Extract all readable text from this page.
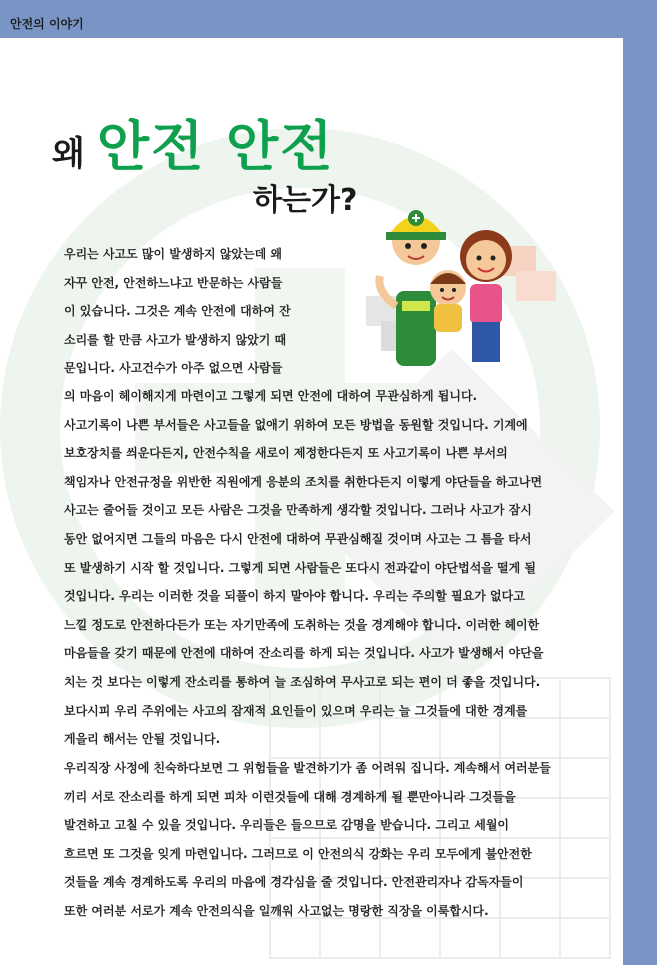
안전의 이야기
왜 안전 안전
하는가?
우리는 사고도 많이 발생하지 않았는데 왜
자꾸 안전, 안전하느냐고 반문하는 사람들
이 있습니다. 그것은 계속 안전에 대하여 잔
소리를 할 만큼 사고가 발생하지 않았기 때
문입니다. 사고건수가 아주 없으면 사람들
의 마음이 헤이해지게 마련이고 그렇게 되면 안전에 대하여 무관심하게 됩니다.
사고기록이 나쁜 부서들은 사고들을 없애기 위하여 모든 방법을 동원할 것입니다. 기계에
보호장치를 씌운다든지, 안전수칙을 새로이 제정한다든지 또 사고기록이 나쁜 부서의
책임자나 안전규정을 위반한 직원에게 응분의 조치를 취한다든지 이렇게 야단들을 하고나면
사고는 줄어들 것이고 모든 사람은 그것을 만족하게 생각할 것입니다. 그러나 사고가 잠시
동안 없어지면 그들의 마음은 다시 안전에 대하여 무관심해질 것이며 사고는 그 틈을 타서
또 발생하기 시작 할 것입니다. 그렇게 되면 사람들은 또다시 전과같이 야단법석을 떨게 될
것입니다. 우리는 이러한 것을 되풀이 하지 말아야 합니다. 우리는 주의할 필요가 없다고
느낄 정도로 안전하다든가 또는 자기만족에 도취하는 것을 경계해야 합니다. 이러한 헤이한
마음들을 갖기 때문에 안전에 대하여 잔소리를 하게 되는 것입니다. 사고가 발생해서 야단을
치는 것 보다는 이렇게 잔소리를 통하여 늘 조심하여 무사고로 되는 편이 더 좋을 것입니다.
보다시피 우리 주위에는 사고의 잠재적 요인들이 있으며 우리는 늘 그것들에 대한 경계를
게을리 해서는 안될 것입니다.
우리직장 사정에 친숙하다보면 그 위험들을 발견하기가 좀 어려워 집니다. 계속해서 여러분들
끼리 서로 잔소리를 하게 되면 피차 이런것들에 대해 경계하게 될 뿐만아니라 그것들을
발견하고 고칠 수 있을 것입니다. 우리들은 들으므로 감명을 받습니다. 그리고 세월이
흐르면 또 그것을 잊게 마련입니다. 그러므로 이 안전의식 강화는 우리 모두에게 불안전한
것들을 계속 경계하도록 우리의 마음에 경각심을 줄 것입니다. 안전관리자나 감독자들이
또한 여러분 서로가 계속 안전의식을 일깨워 사고없는 명랑한 직장을 이룩합시다.
